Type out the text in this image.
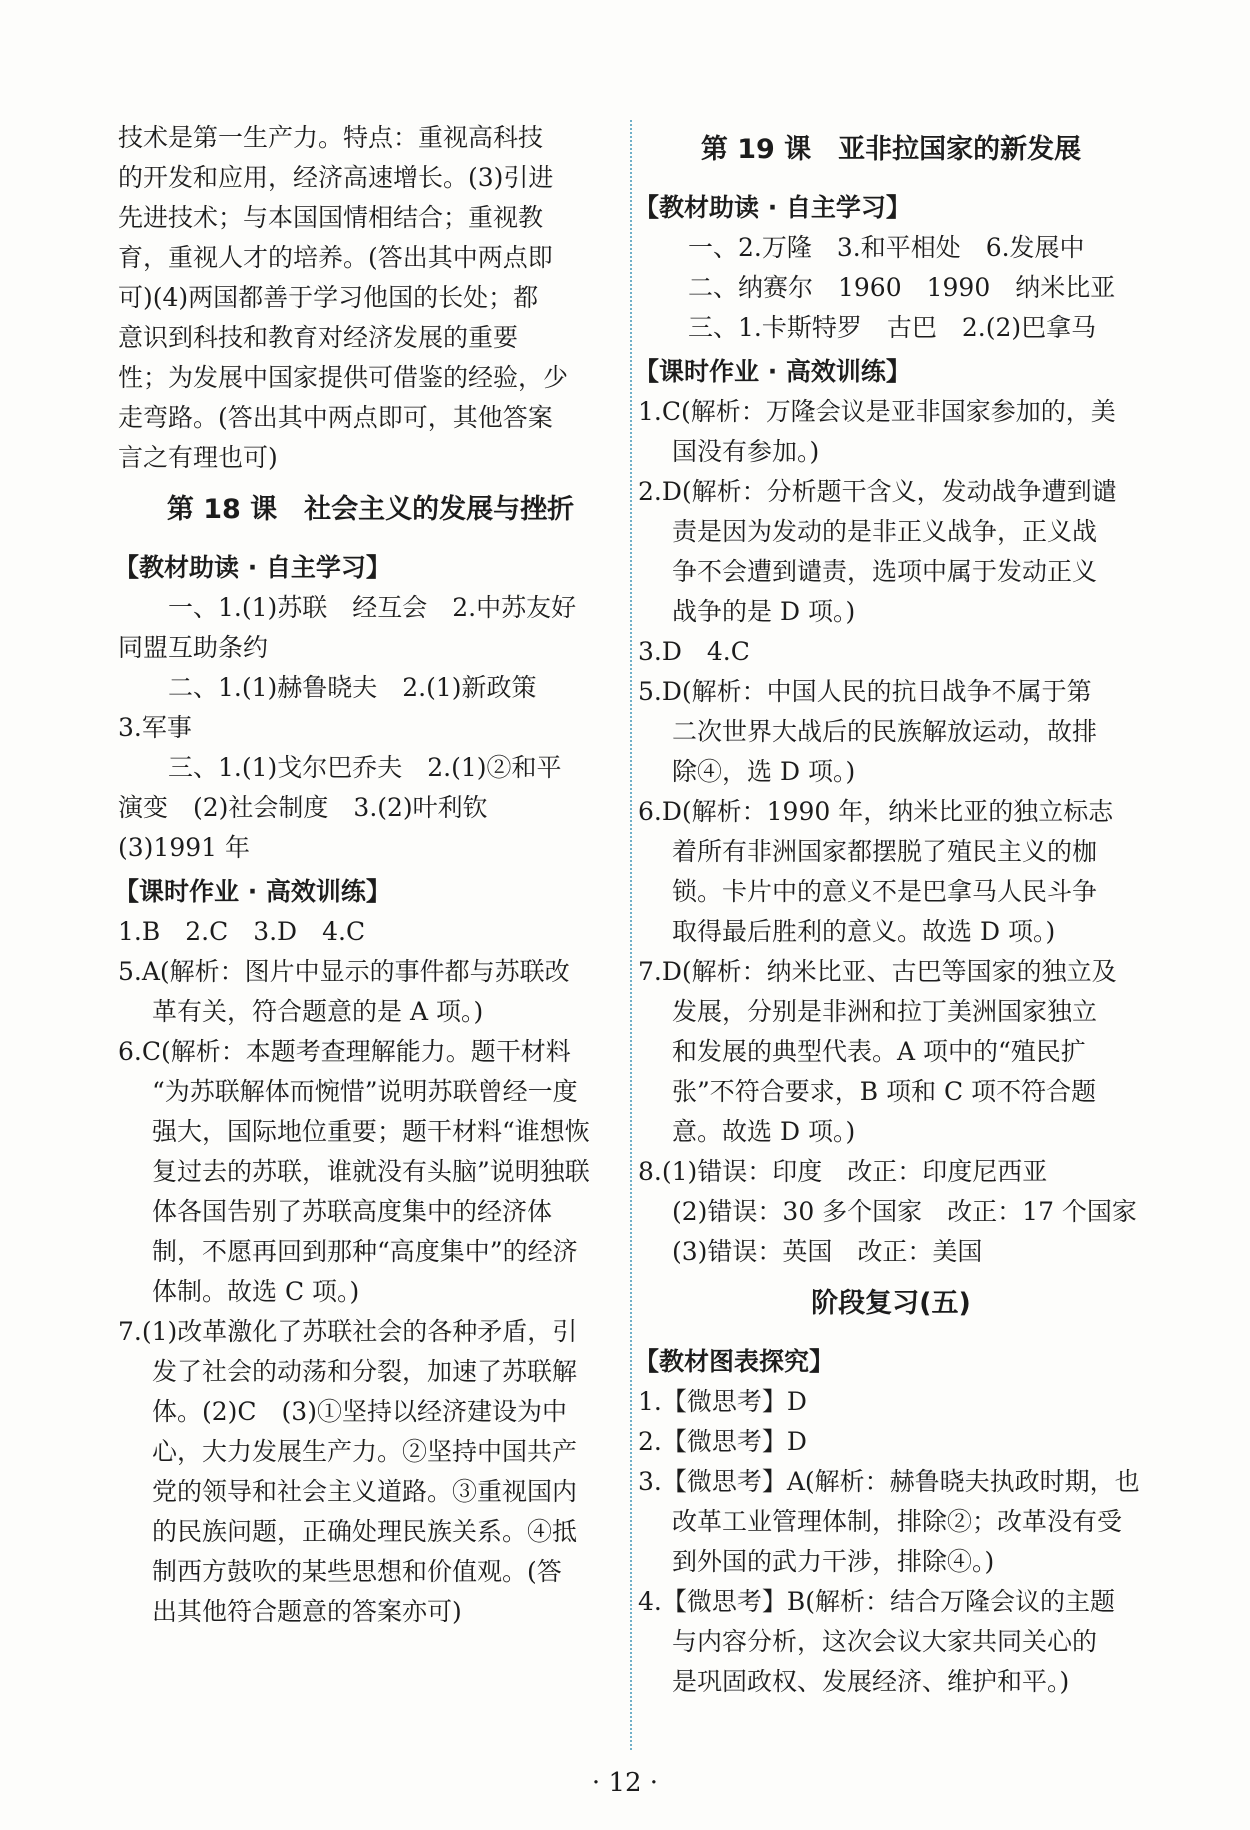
技术是第一生产力。特点：重视高科技

的开发和应用，经济高速增长。(3)引进

先进技术；与本国国情相结合；重视教

育，重视人才的培养。(答出其中两点即

可)(4)两国都善于学习他国的长处；都

意识到科技和教育对经济发展的重要

性；为发展中国家提供可借鉴的经验，少

走弯路。(答出其中两点即可，其他答案

言之有理也可)

第 18 课　社会主义的发展与挫折

【教材助读 · 自主学习】

一、1.(1)苏联　经互会　2.中苏友好

同盟互助条约

二、1.(1)赫鲁晓夫　2.(1)新政策

3.军事

三、1.(1)戈尔巴乔夫　2.(1)②和平

演变　(2)社会制度　3.(2)叶利钦

(3)1991 年

【课时作业 · 高效训练】

1.B　2.C　3.D　4.C

5.A(解析：图片中显示的事件都与苏联改

革有关，符合题意的是 A 项。)

6.C(解析：本题考查理解能力。题干材料

“为苏联解体而惋惜”说明苏联曾经一度

强大，国际地位重要；题干材料“谁想恢

复过去的苏联，谁就没有头脑”说明独联

体各国告别了苏联高度集中的经济体

制，不愿再回到那种“高度集中”的经济

体制。故选 C 项。)

7.(1)改革激化了苏联社会的各种矛盾，引

发了社会的动荡和分裂，加速了苏联解

体。(2)C　(3)①坚持以经济建设为中

心，大力发展生产力。②坚持中国共产

党的领导和社会主义道路。③重视国内

的民族问题，正确处理民族关系。④抵

制西方鼓吹的某些思想和价值观。(答

出其他符合题意的答案亦可)

第 19 课　亚非拉国家的新发展

【教材助读 · 自主学习】

一、2.万隆　3.和平相处　6.发展中

二、纳赛尔　1960　1990　纳米比亚

三、1.卡斯特罗　古巴　2.(2)巴拿马

【课时作业 · 高效训练】

1.C(解析：万隆会议是亚非国家参加的，美

国没有参加。)

2.D(解析：分析题干含义，发动战争遭到谴

责是因为发动的是非正义战争，正义战

争不会遭到谴责，选项中属于发动正义

战争的是 D 项。)

3.D　4.C

5.D(解析：中国人民的抗日战争不属于第

二次世界大战后的民族解放运动，故排

除④，选 D 项。)

6.D(解析：1990 年，纳米比亚的独立标志

着所有非洲国家都摆脱了殖民主义的枷

锁。卡片中的意义不是巴拿马人民斗争

取得最后胜利的意义。故选 D 项。)

7.D(解析：纳米比亚、古巴等国家的独立及

发展，分别是非洲和拉丁美洲国家独立

和发展的典型代表。A 项中的“殖民扩

张”不符合要求，B 项和 C 项不符合题

意。故选 D 项。)

8.(1)错误：印度　改正：印度尼西亚

(2)错误：30 多个国家　改正：17 个国家

(3)错误：英国　改正：美国

阶段复习(五)

【教材图表探究】

1.【微思考】D

2.【微思考】D

3.【微思考】A(解析：赫鲁晓夫执政时期，也

改革工业管理体制，排除②；改革没有受

到外国的武力干涉，排除④。)

4.【微思考】B(解析：结合万隆会议的主题

与内容分析，这次会议大家共同关心的

是巩固政权、发展经济、维护和平。)

· 12 ·
